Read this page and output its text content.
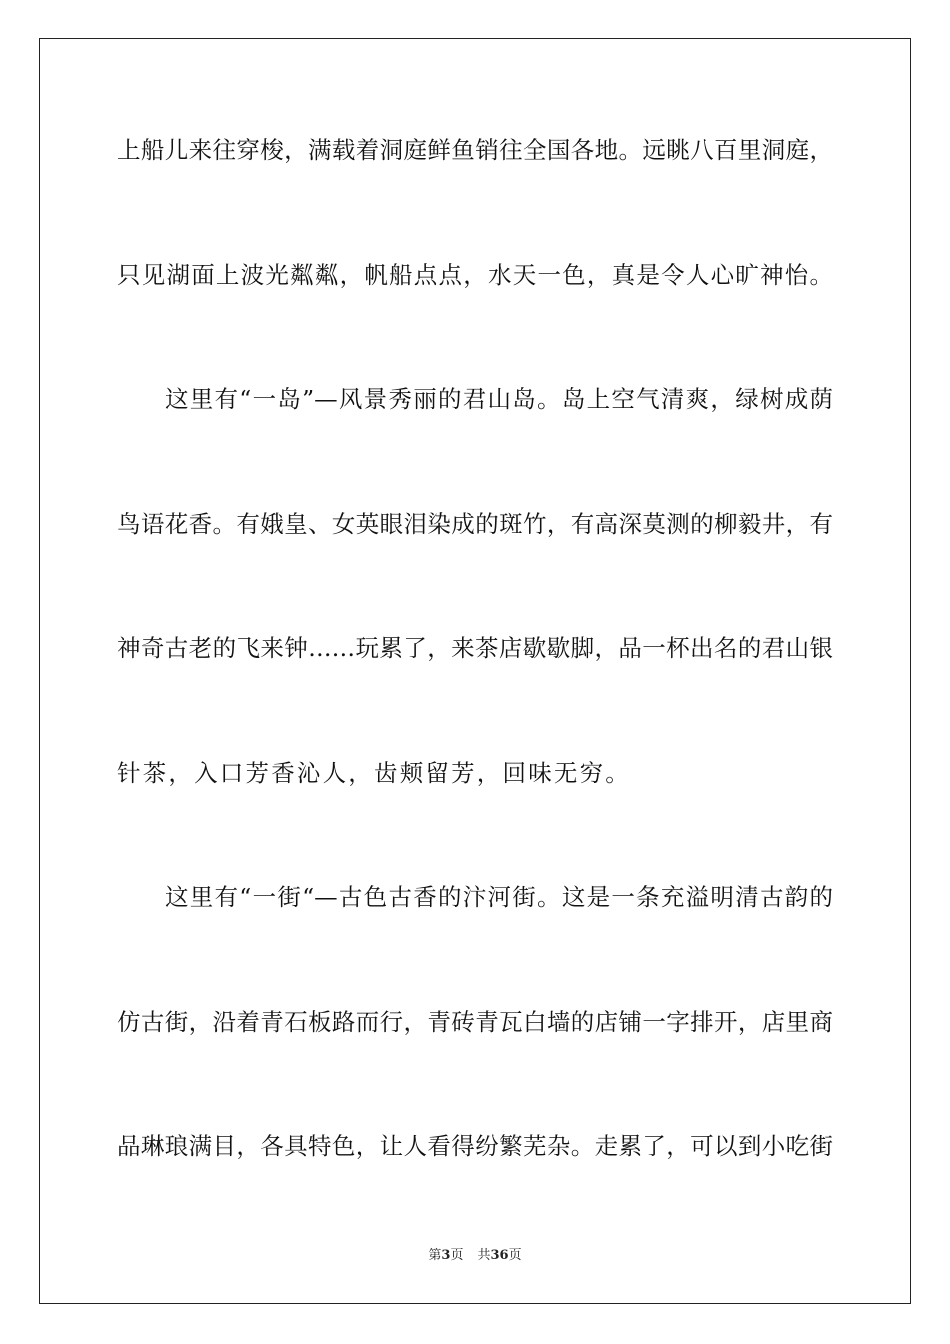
上船儿来往穿梭，满载着洞庭鲜鱼销往全国各地。远眺八百里洞庭，
只见湖面上波光粼粼，帆船点点，水天一色，真是令人心旷神怡。
这里有“一岛”—风景秀丽的君山岛。岛上空气清爽，绿树成荫
鸟语花香。有娥皇、女英眼泪染成的斑竹，有高深莫测的柳毅井，有
神奇古老的飞来钟……玩累了，来茶店歇歇脚，品一杯出名的君山银
针茶，入口芳香沁人，齿颊留芳，回味无穷。
这里有“一街“—古色古香的汴河街。这是一条充溢明清古韵的
仿古街，沿着青石板路而行，青砖青瓦白墙的店铺一字排开，店里商
品琳琅满目，各具特色，让人看得纷繁芜杂。走累了，可以到小吃街
第3页 共36页
